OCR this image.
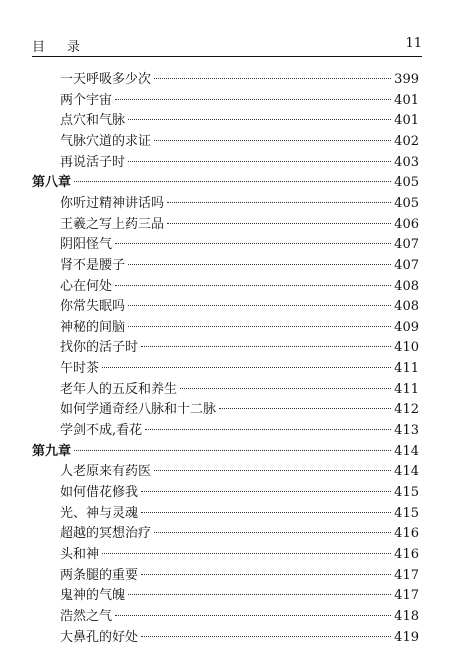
目 录	11
一天呼吸多少次	399
两个宇宙	401
点穴和气脉	401
气脉穴道的求证	402
再说活子时	403
第八章	405
你听过精神讲话吗	405
王羲之写上药三品	406
阴阳怪气	407
肾不是腰子	407
心在何处	408
你常失眠吗	408
神秘的间脑	409
找你的活子时	410
午时茶	411
老年人的五反和养生	411
如何学通奇经八脉和十二脉	412
学剑不成,看花	413
第九章	414
人老原来有药医	414
如何借花修我	415
光、神与灵魂	415
超越的冥想治疗	416
头和神	416
两条腿的重要	417
鬼神的气魄	417
浩然之气	418
大鼻孔的好处	419
